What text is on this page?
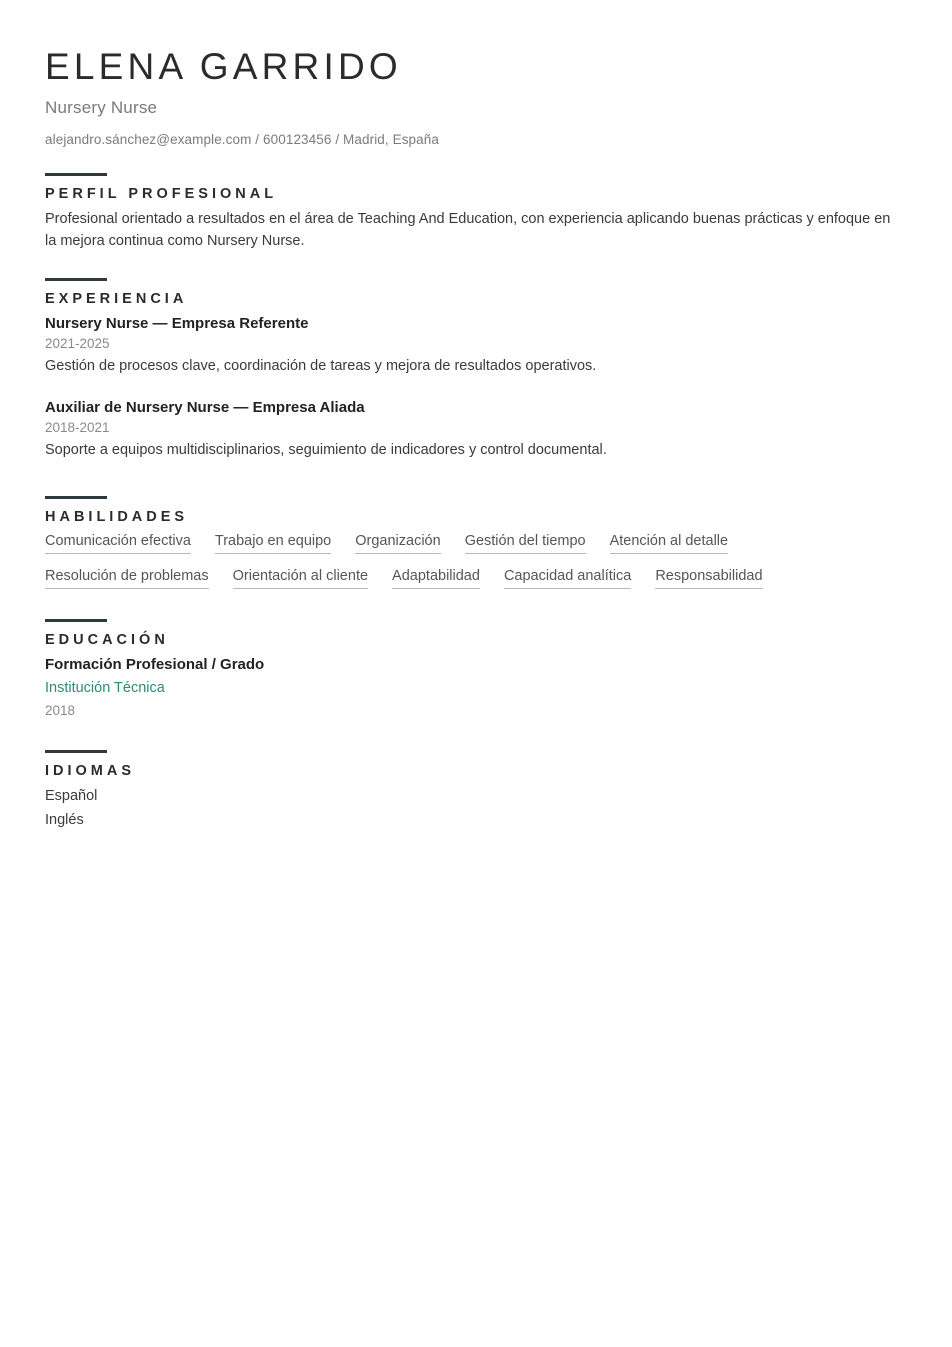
ELENA GARRIDO
Nursery Nurse
alejandro.sánchez@example.com / 600123456 / Madrid, España
PERFIL PROFESIONAL

Profesional orientado a resultados en el área de Teaching And Education, con experiencia aplicando buenas prácticas y enfoque en la mejora continua como Nursery Nurse.

EXPERIENCIA
Nursery Nurse — Empresa Referente
2021-2025
Gestión de procesos clave, coordinación de tareas y mejora de resultados operativos.
Auxiliar de Nursery Nurse — Empresa Aliada
2018-2021
Soporte a equipos multidisciplinarios, seguimiento de indicadores y control documental.
HABILIDADES
Comunicación efectiva Trabajo en equipo Organización Gestión del tiempo Atención al detalle
Resolución de problemas Orientación al cliente Adaptabilidad Capacidad analítica Responsabilidad
EDUCACIÓN
Formación Profesional / Grado
Institución Técnica
2018
IDIOMAS
Español
Inglés
